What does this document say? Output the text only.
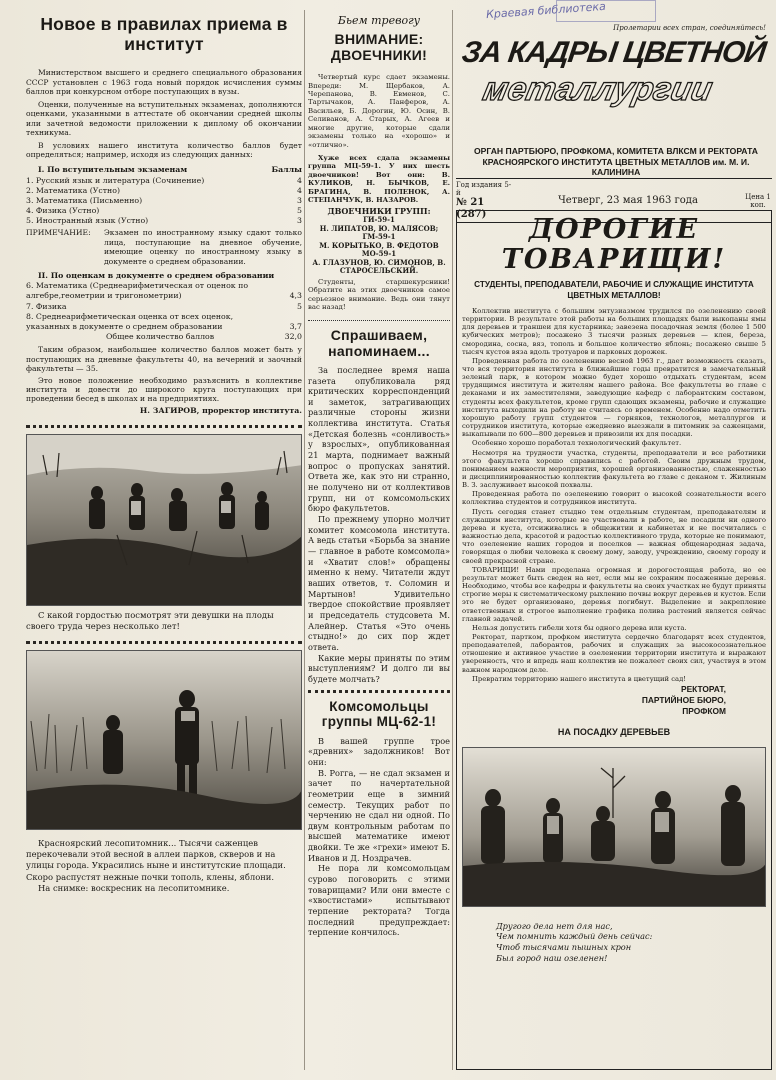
Новое в правилах приема в институт

Министерством высшего и среднего специального образования СССР установлен с 1963 года новый порядок исчисления суммы баллов при конкурсном отборе поступающих в вузы.

Оценки, полученные на вступительных экзаменах, дополняются оценками, указанными в аттестате об окончании средней школы или зачетной ведомости приложении к диплому об окончании техникума.

В условиях нашего института количество баллов будет определяться; например, исходя из следующих данных:

I. По вступительным экзаменам	Баллы
1. Русский язык и литература (Сочинение)	4
2. Математика (Устно)	4
3. Математика (Письменно)	3
4. Физика (Устно)	5
5. Иностранный язык (Устно)	3
ПРИМЕЧАНИЕ:	Экзамен по иностранному языку сдают только лица, поступающие на дневное обучение, имеющие оценку по иностранному языку в документе о среднем образовании.
II. По оценкам в документе о среднем образовании
6. Математика (Среднеарифметическая от оценок по алгебре,геометрии и тригонометрии)	4,3
7. Физика	5
8. Среднеарифметическая оценка от всех оценок, указанных в документе о среднем образовании	3,7
Общее количество баллов	32,0

Таким образом, наибольшее количество баллов может быть у поступающих на дневные факультеты 40, на вечерний и заочный факультеты — 35.

Это новое положение необходимо разъяснить в коллективе института и довести до широкого круга поступающих при проведении бесед в школах и на предприятиях.

Н. ЗАГИРОВ, проректор института.
С какой гордостью посмотрят эти девушки на плоды своего труда через несколько лет!
Красноярский лесопитомник... Тысячи саженцев перекочевали этой весной в аллеи парков, скверов и на улицы города. Украсились ныне и институтские площади. Скоро распустят нежные почки тополь, клены, яблони.
На снимке: воскресник на лесопитомнике.
Бьем тревогу
ВНИМАНИЕ: ДВОЕЧНИКИ!
Четвертый курс сдает экзамены. Впереди: М. Щербаков, А. Черепанова, В. Евменов, С. Тартычаков, А. Панферов, А. Васильев, Б. Дорогин, Ю. Осин, В. Селиванов, А. Старых, А. Агеев и многие другие, которые сдали экзамены только на «хорошо» и «отлично».
Хуже всех сдала экзамены группа МЦ-59-1. У них шесть двоечников! Вот они: В. КУЛИКОВ, Н. БЫЧКОВ, Е. БРАГИНА, В. ПОЛЕНОК, А. СТЕПАНЧУК, В. НАЗАРОВ.
ДВОЕЧНИКИ ГРУПП:
ГИ-59-1
Н. ЛИПАТОВ, Ю. МАЛЯСОВ;
ГМ-59-1
М. КОРЫТЬКО, В. ФЕДОТОВ
МО-59-1
А. ГЛАЗУНОВ, Ю. СИМОНОВ, В. СТАРОСЕЛЬСКИЙ.
Студенты, старшекурсники! Обратите на этих двоечников самое серьезное внимание. Ведь они тянут вас назад!
Спрашиваем, напоминаем...
За последнее время наша газета опубликовала ряд критических корреспонденций и заметок, затрагивающих различные стороны жизни коллектива института. Статья «Детская болезнь «сонливость» у взрослых», опубликованная 21 марта, поднимает важный вопрос о пропусках занятий. Ответа же, как это ни странно, не получено ни от коллективов групп, ни от комсомольских бюро факультетов.
По прежнему упорно молчит комитет комсомола института. А ведь статьи «Борьба за знание — главное в работе комсомола» и «Хватит слов!» обращены именно к нему. Читатели ждут ваших ответов, т. Соломин и Мартынов! Удивительно твердое спокойствие проявляет и председатель студсовета М. Алейнер. Статья «Это очень стыдно!» до сих пор ждет ответа.
Какие меры приняты по этим выступлениям? И долго ли вы будете молчать?
Комсомольцы группы МЦ-62-1!
В вашей группе трое «древних» задолжников! Вот они:
В. Рогга, — не сдал экзамен и зачет по начертательной геометрии еще в зимний семестр. Текущих работ по черчению не сдал ни одной. По двум контрольным работам по высшей математике имеют двойки. Те же «грехи» имеют Б. Иванов и Д. Ноздрачев.
Не пора ли комсомольцам сурово поговорить с этими товарищами? Или они вместе с «хвостистами» испытывают терпение ректората? Тогда последний предупреждает: терпение кончилось.
Краевая библиотека
Пролетарии всех стран, соединяйтесь!
ЗА КАДРЫ ЦВЕТНОЙ
металлургии
ОРГАН ПАРТБЮРО, ПРОФКОМА, КОМИТЕТА ВЛКСМ И РЕКТОРАТА КРАСНОЯРСКОГО ИНСТИТУТА ЦВЕТНЫХ МЕТАЛЛОВ им. М. И. КАЛИНИНА
Год издания 5-й
№ 21 (287)
Четверг, 23 мая 1963 года	Цена 1 коп.
ДОРОГИЕ ТОВАРИЩИ!
СТУДЕНТЫ, ПРЕПОДАВАТЕЛИ, РАБОЧИЕ И СЛУЖАЩИЕ ИНСТИТУТА ЦВЕТНЫХ МЕТАЛЛОВ!

Коллектив института с большим энтузиазмом трудился по озеленению своей территории. В результате этой работы на больших площадях были выкопаны ямы для деревьев и траншеи для кустарника; завезена посадочная земля (более 1 500 кубических метров); посажено 3 тысячи разных деревьев — клен, береза, смородина, сосна, вяз, тополь и большое количество яблонь; посажено свыше 5 тысяч кустов вяза вдоль тротуаров и парковых дорожек.

Проведенная работа по озеленению весной 1963 г., дает возможность сказать, что вся территория института в ближайшие годы превратится в замечательный зеленый парк, в котором можно будет хорошо отдыхать студентам, всем трудящимся института и жителям нашего района. Все факультеты во главе с деканами и их заместителями, заведующие кафедр с лаборантским составом, студенты всех факультетов, кроме групп сдающих экзамены, рабочие и служащие института выходили на работу не считаясь со временем. Особенно надо отметить хорошую работу групп студентов — горняков, технологов, металлургов и сотрудников института, которые ежедневно выезжали в питомник за саженцами, выкапывали по 600—800 деревьев и привозили их для посадки.

Особенно хорошо поработал технологический факультет.

Несмотря на трудности участка, студенты, преподаватели и все работники этого факультета хорошо справились с работой. Своим дружным трудом, пониманием важности мероприятия, хорошей организованностью, слаженностью и дисциплинированностью коллектив факультета во главе с деканом т. Жилиным В. З. заслуживает высокой похвалы.

Проведенная работа по озеленению говорит о высокой сознательности всего коллектива студентов и сотрудников института.

Пусть сегодня станет стыдно тем отдельным студентам, преподавателям и служащим института, которые не участвовали в работе, не посадили ни одного дерева и куста, отсиживались в общежитии и кабинетах и не посчитались с важностью дела, красотой и радостью коллективного труда, которые не понимают, что озеленение наших городов и поселков — важная общенародная задача, говорящая о любви человека к своему дому, заводу, учреждению, своему городу и своей прекрасной стране.

ТОВАРИЩИ! Нами проделана огромная и дорогостоящая работа, но ее результат может быть сведен на нет, если мы не сохраним посаженные деревья. Необходимо, чтобы все кафедры и факультеты на своих участках не будут приняты строгие меры к систематическому рыхлению почвы вокруг деревьев и кустов. Если это не будет организовано, деревья погибнут. Выделение и закрепление ответственных и строгое выполнение графика полива растений является сейчас главной задачей.

Нельзя допустить гибели хотя бы одного дерева или куста.

Ректорат, партком, профком института сердечно благодарят всех студентов, преподавателей, лаборантов, рабочих и служащих за высокосознательное отношение и активное участие в озеленении территории института и выражают уверенность, что и впредь наш коллектив не пожалеет своих сил, участвуя в этом важном народном деле.

Превратим территорию нашего института в цветущий сад!

РЕКТОРАТ,
ПАРТИЙНОЕ БЮРО,
ПРОФКОМ
НА ПОСАДКУ ДЕРЕВЬЕВ
Другого дела нет для нас,
Чем помнить каждый день сейчас:
Чтоб тысячами пышных крон
Был город наш озеленен!
